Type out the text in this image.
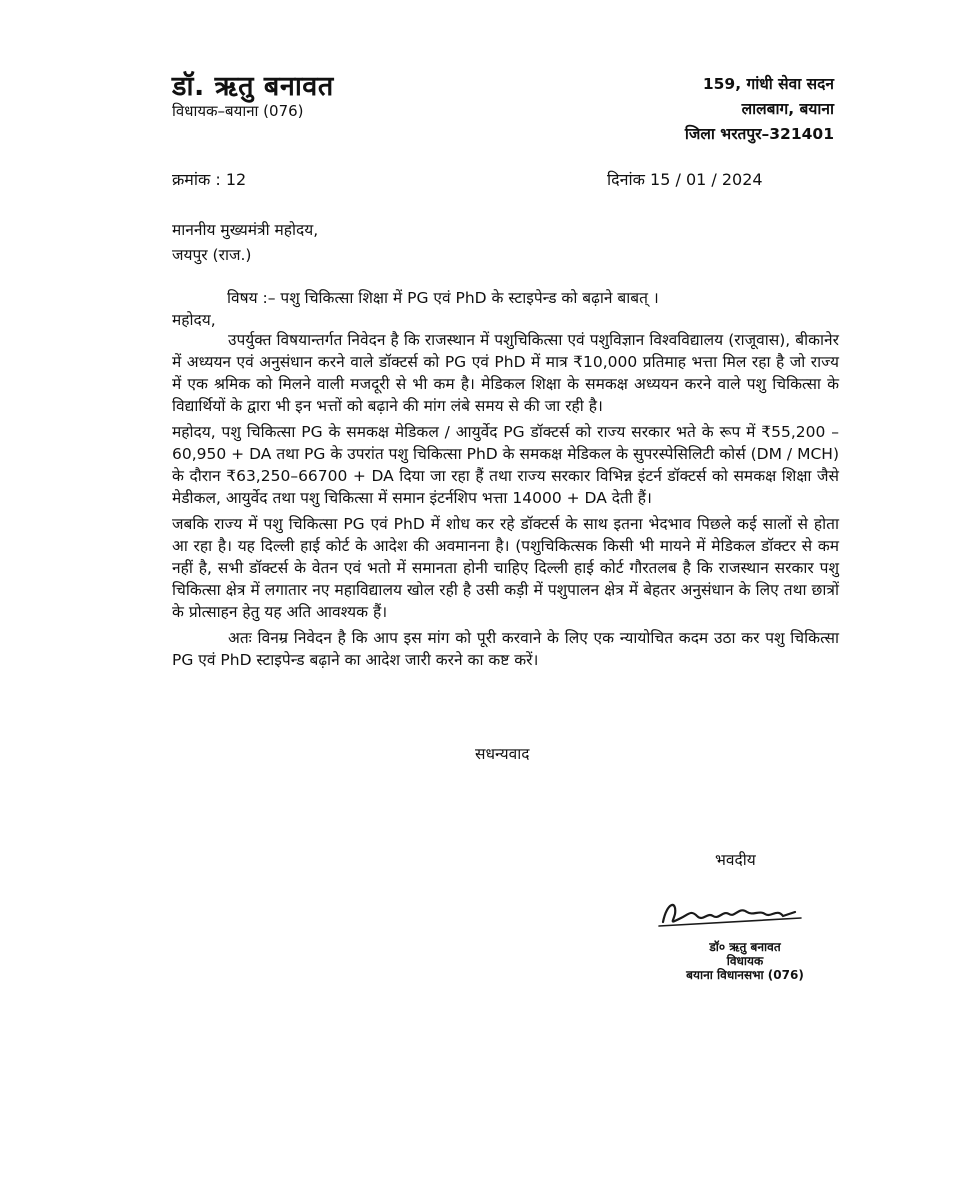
डॉ. ऋतु बनावत
विधायक–बयाना (076)
159, गांधी सेवा सदन
लालबाग, बयाना
जिला भरतपुर–321401
क्रमांक : 12	दिनांक 15 / 01 / 2024
माननीय मुख्यमंत्री महोदय,
जयपुर (राज.)
विषय :– पशु चिकित्सा शिक्षा में PG एवं PhD के स्टाइपेन्ड को बढ़ाने बाबत् ।
महोदय,

उपर्युक्त विषयान्तर्गत निवेदन है कि राजस्थान में पशुचिकित्सा एवं पशुविज्ञान विश्वविद्यालय (राजूवास), बीकानेर में अध्ययन एवं अनुसंधान करने वाले डॉक्टर्स को PG एवं PhD में मात्र ₹10,000 प्रतिमाह भत्ता मिल रहा है जो राज्य में एक श्रमिक को मिलने वाली मजदूरी से भी कम है। मेडिकल शिक्षा के समकक्ष अध्ययन करने वाले पशु चिकित्सा के विद्यार्थियों के द्वारा भी इन भत्तों को बढ़ाने की मांग लंबे समय से की जा रही है।

महोदय, पशु चिकित्सा PG के समकक्ष मेडिकल / आयुर्वेद PG डॉक्टर्स को राज्य सरकार भते के रूप में ₹55,200 – 60,950 + DA तथा PG के उपरांत पशु चिकित्सा PhD के समकक्ष मेडिकल के सुपरस्पेसिलिटी कोर्स (DM / MCH) के दौरान ₹63,250–66700 + DA दिया जा रहा हैं तथा राज्य सरकार विभिन्न इंटर्न डॉक्टर्स को समकक्ष शिक्षा जैसे मेडीकल, आयुर्वेद तथा पशु चिकित्सा में समान इंटर्नशिप भत्ता 14000 + DA देती हैं।

जबकि राज्य में पशु चिकित्सा PG एवं PhD में शोध कर रहे डॉक्टर्स के साथ इतना भेदभाव पिछले कई सालों से होता आ रहा है। यह दिल्ली हाई कोर्ट के आदेश की अवमानना है। (पशुचिकित्सक किसी भी मायने में मेडिकल डॉक्टर से कम नहीं है, सभी डॉक्टर्स के वेतन एवं भतो में समानता होनी चाहिए दिल्ली हाई कोर्ट गौरतलब है कि राजस्थान सरकार पशु चिकित्सा क्षेत्र में लगातार नए महाविद्यालय खोल रही है उसी कड़ी में पशुपालन क्षेत्र में बेहतर अनुसंधान के लिए तथा छात्रों के प्रोत्साहन हेतु यह अति आवश्यक हैं।

अतः विनम्र निवेदन है कि आप इस मांग को पूरी करवाने के लिए एक न्यायोचित कदम उठा कर पशु चिकित्सा PG एवं PhD स्टाइपेन्ड बढ़ाने का आदेश जारी करने का कष्ट करें।

सधन्यवाद
भवदीय
डॉ० ऋतु बनावत
विधायक
बयाना विधानसभा (076)
